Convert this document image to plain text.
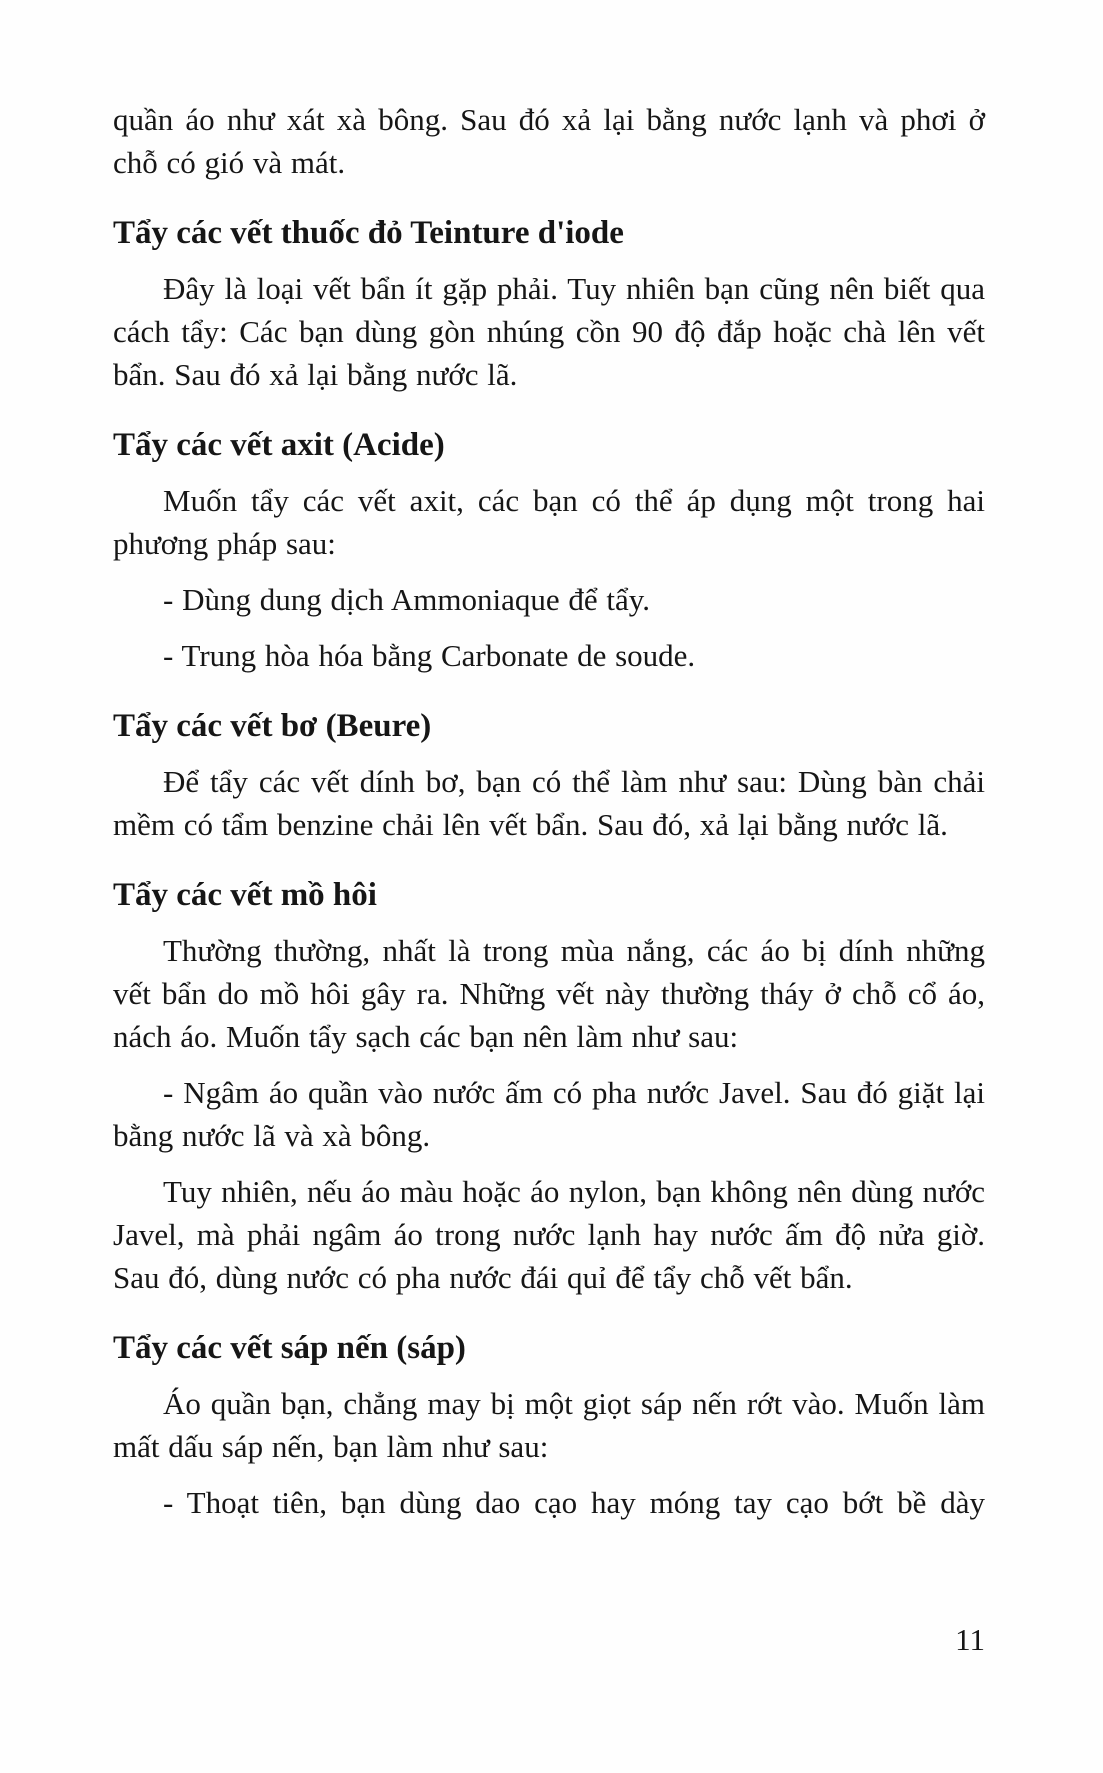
quần áo như xát xà bông. Sau đó xả lại bằng nước lạnh và phơi ở chỗ có gió và mát.

Tẩy các vết thuốc đỏ Teinture d'iode

Đây là loại vết bẩn ít gặp phải. Tuy nhiên bạn cũng nên biết qua cách tẩy: Các bạn dùng gòn nhúng cồn 90 độ đắp hoặc chà lên vết bẩn. Sau đó xả lại bằng nước lã.

Tẩy các vết axit (Acide)

Muốn tẩy các vết axit, các bạn có thể áp dụng một trong hai phương pháp sau:

- Dùng dung dịch Ammoniaque để tẩy.

- Trung hòa hóa bằng Carbonate de soude.

Tẩy các vết bơ (Beure)

Để tẩy các vết dính bơ, bạn có thể làm như sau: Dùng bàn chải mềm có tẩm benzine chải lên vết bẩn. Sau đó, xả lại bằng nước lã.

Tẩy các vết mồ hôi

Thường thường, nhất là trong mùa nắng, các áo bị dính những vết bẩn do mồ hôi gây ra. Những vết này thường tháy ở chỗ cổ áo, nách áo. Muốn tẩy sạch các bạn nên làm như sau:

- Ngâm áo quần vào nước ấm có pha nước Javel. Sau đó giặt lại bằng nước lã và xà bông.

Tuy nhiên, nếu áo màu hoặc áo nylon, bạn không nên dùng nước Javel, mà phải ngâm áo trong nước lạnh hay nước ấm độ nửa giờ. Sau đó, dùng nước có pha nước đái quỉ để tẩy chỗ vết bẩn.

Tẩy các vết sáp nến (sáp)

Áo quần bạn, chẳng may bị một giọt sáp nến rớt vào. Muốn làm mất dấu sáp nến, bạn làm như sau:

- Thoạt tiên, bạn dùng dao cạo hay móng tay cạo bớt bề dày

11
